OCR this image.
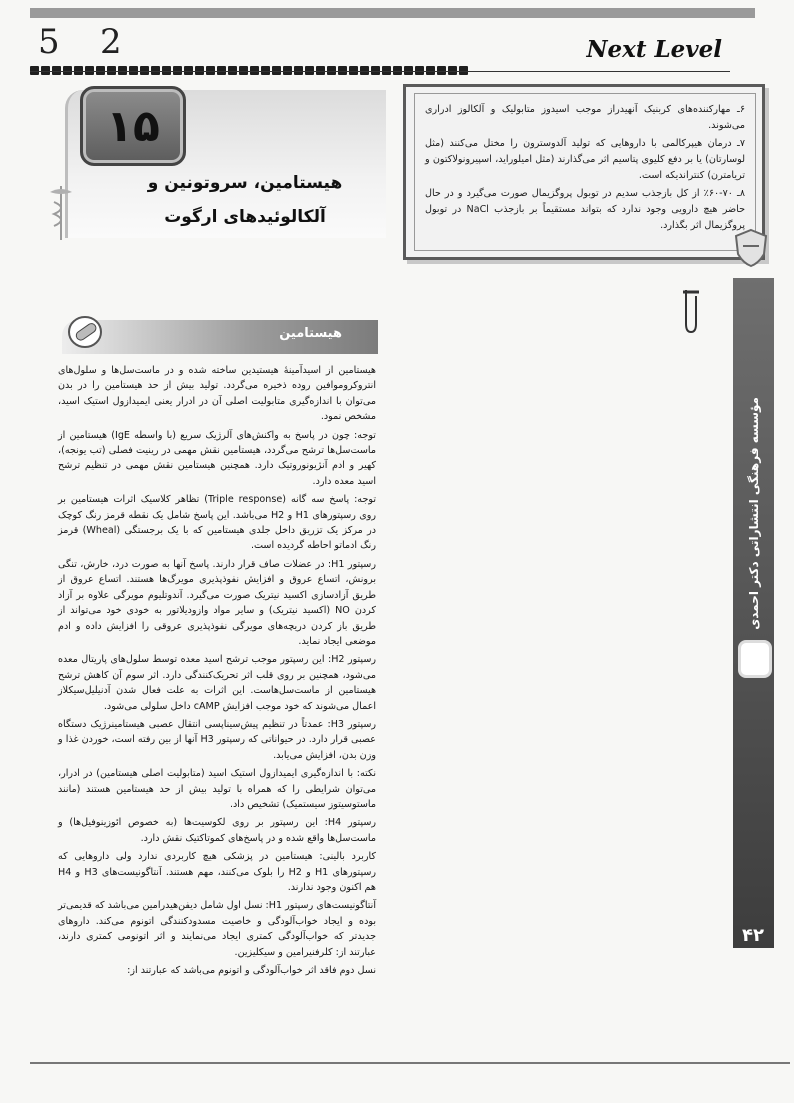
5 2	Next Level
۱۵
هیستامین، سروتونین و
آلکالوئیدهای ارگوت

۶ـ مهارکننده‌های کربنیک آنهیدراز موجب اسیدوز متابولیک و آلکالوز ادراری می‌شوند.

۷ـ درمان هیپرکالمی با داروهایی که تولید آلدوسترون را مختل می‌کنند (مثل لوسارتان) یا بر دفع کلیوی پتاسیم اثر می‌گذارند (مثل امیلوراید، اسپیرونولاکتون و تریامترن) کنتراندیکه است.

۸ـ ۷۰-۶۰٪ از کل بازجذب سدیم در توبول پروگزیمال صورت می‌گیرد و در حال حاضر هیچ دارویی وجود ندارد که بتواند مستقیماً بر بازجذب NaCl در توبول پروگزیمال اثر بگذارد.

مؤسسه فرهنگی انتشاراتی دکتر احمدی
۴۲
هیستامین

هیستامین از اسیدآمینهٔ هیستیدین ساخته شده و در ماست‌سل‌ها و سلول‌های انتروکروموافین روده ذخیره می‌گردد. تولید بیش از حد هیستامین را در بدن می‌توان با اندازه‌گیری متابولیت اصلی آن در ادرار یعنی ایمیدازول استیک اسید، مشخص نمود.

توجه: چون در پاسخ به واکنش‌های آلرژیک سریع (با واسطه IgE) هیستامین از ماست‌سل‌ها ترشح می‌گردد، هیستامین نقش مهمی در رینیت فصلی (تب یونجه)، کهیر و ادم آنژیونوروتیک دارد. همچنین هیستامین نقش مهمی در تنظیم ترشح اسید معده دارد.

توجه: پاسخ سه گانه (Triple response) تظاهر کلاسیک اثرات هیستامین بر روی رسپتورهای H1 و H2 می‌باشد. این پاسخ شامل یک نقطه قرمز رنگ کوچک در مرکز یک تزریق داخل جلدی هیستامین که با یک برجستگی (Wheal) قرمز رنگ ادماتو احاطه گردیده است.

رسپتور H1: در عضلات صاف قرار دارند. پاسخ آنها به صورت درد، خارش، تنگی برونش، اتساع عروق و افزایش نفوذپذیری مویرگ‌ها هستند. اتساع عروق از طریق آزادسازی اکسید نیتریک صورت می‌گیرد. آندوتلیوم مویرگی علاوه بر آزاد کردن NO (اکسید نیتریک) و سایر مواد وازودیلاتور به خودی خود می‌تواند از طریق باز کردن دریچه‌های مویرگی نفوذپذیری عروقی را افزایش داده و ادم موضعی ایجاد نماید.

رسپتور H2: این رسپتور موجب ترشح اسید معده توسط سلول‌های پاریتال معده می‌شود، همچنین بر روی قلب اثر تحریک‌کنندگی دارد. اثر سوم آن کاهش ترشح هیستامین از ماست‌سل‌هاست. این اثرات به علت فعال شدن آدنیلیل‌سیکلاز اعمال می‌شوند که خود موجب افزایش cAMP داخل سلولی می‌شود.

رسپتور H3: عمدتاً در تنظیم پیش‌سیناپسی انتقال عصبی هیستامینرژیک دستگاه عصبی قرار دارد. در حیواناتی که رسپتور H3 آنها از بین رفته است، خوردن غذا و وزن بدن، افزایش می‌یابد.

نکته: با اندازه‌گیری ایمیدازول استیک اسید (متابولیت اصلی هیستامین) در ادرار، می‌توان شرایطی را که همراه با تولید بیش از حد هیستامین هستند (مانند ماستوسیتوز سیستمیک) تشخیص داد.

رسپتور H4: این رسپتور بر روی لکوسیت‌ها (به خصوص ائوزینوفیل‌ها) و ماست‌سل‌ها واقع شده و در پاسخ‌های کموتاکتیک نقش دارد.

کاربرد بالینی: هیستامین در پزشکی هیچ کاربردی ندارد ولی داروهایی که رسپتورهای H1 و H2 را بلوک می‌کنند، مهم هستند. آنتاگونیست‌های H3 و H4 هم اکنون وجود ندارند.

آنتاگونیست‌های رسپتور H1: نسل اول شامل دیفن‌هیدرامین می‌باشد که قدیمی‌تر بوده و ایجاد خواب‌آلودگی و خاصیت مسدودکنندگی اتونوم می‌کند. داروهای جدیدتر که خواب‌آلودگی کمتری ایجاد می‌نمایند و اثر اتونومی کمتری دارند، عبارتند از: کلرفنیرامین و سیکلیزین.

نسل دوم فاقد اثر خواب‌آلودگی و اتونوم می‌باشد که عبارتند از:
